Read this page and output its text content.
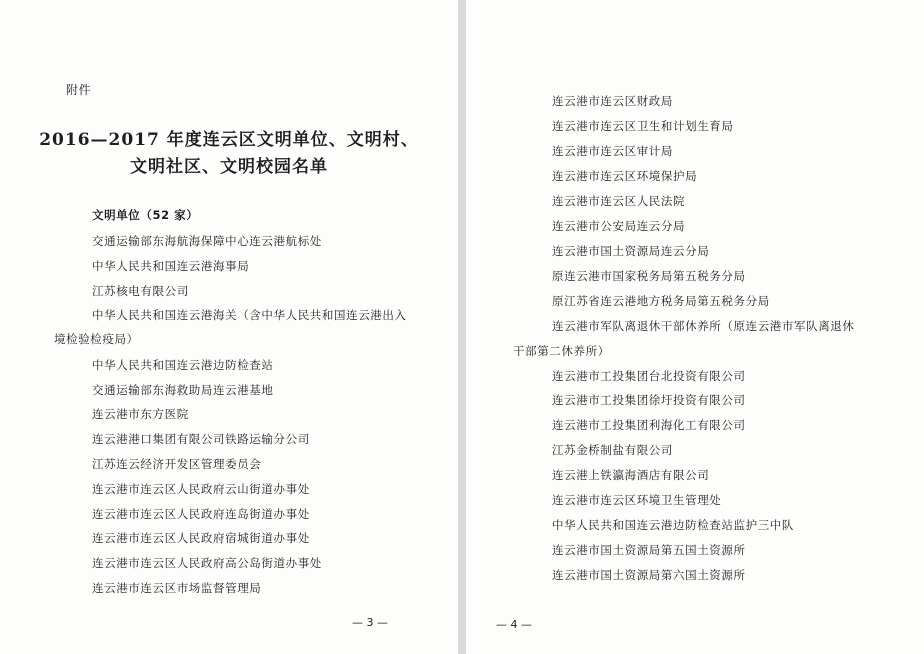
附件
2016—2017 年度连云区文明单位、文明村、
文明社区、文明校园名单
文明单位（52 家）
交通运输部东海航海保障中心连云港航标处
中华人民共和国连云港海事局
江苏核电有限公司
中华人民共和国连云港海关（含中华人民共和国连云港出入
境检验检疫局）
中华人民共和国连云港边防检查站
交通运输部东海救助局连云港基地
连云港市东方医院
连云港港口集团有限公司铁路运输分公司
江苏连云经济开发区管理委员会
连云港市连云区人民政府云山街道办事处
连云港市连云区人民政府连岛街道办事处
连云港市连云区人民政府宿城街道办事处
连云港市连云区人民政府高公岛街道办事处
连云港市连云区市场监督管理局
— 3 —
连云港市连云区财政局
连云港市连云区卫生和计划生育局
连云港市连云区审计局
连云港市连云区环境保护局
连云港市连云区人民法院
连云港市公安局连云分局
连云港市国土资源局连云分局
原连云港市国家税务局第五税务分局
原江苏省连云港地方税务局第五税务分局
连云港市军队离退休干部休养所（原连云港市军队离退休
干部第二休养所）
连云港市工投集团台北投资有限公司
连云港市工投集团徐圩投资有限公司
连云港市工投集团利海化工有限公司
江苏金桥制盐有限公司
连云港上铁瀛海酒店有限公司
连云港市连云区环境卫生管理处
中华人民共和国连云港边防检查站监护三中队
连云港市国土资源局第五国土资源所
连云港市国土资源局第六国土资源所
— 4 —
